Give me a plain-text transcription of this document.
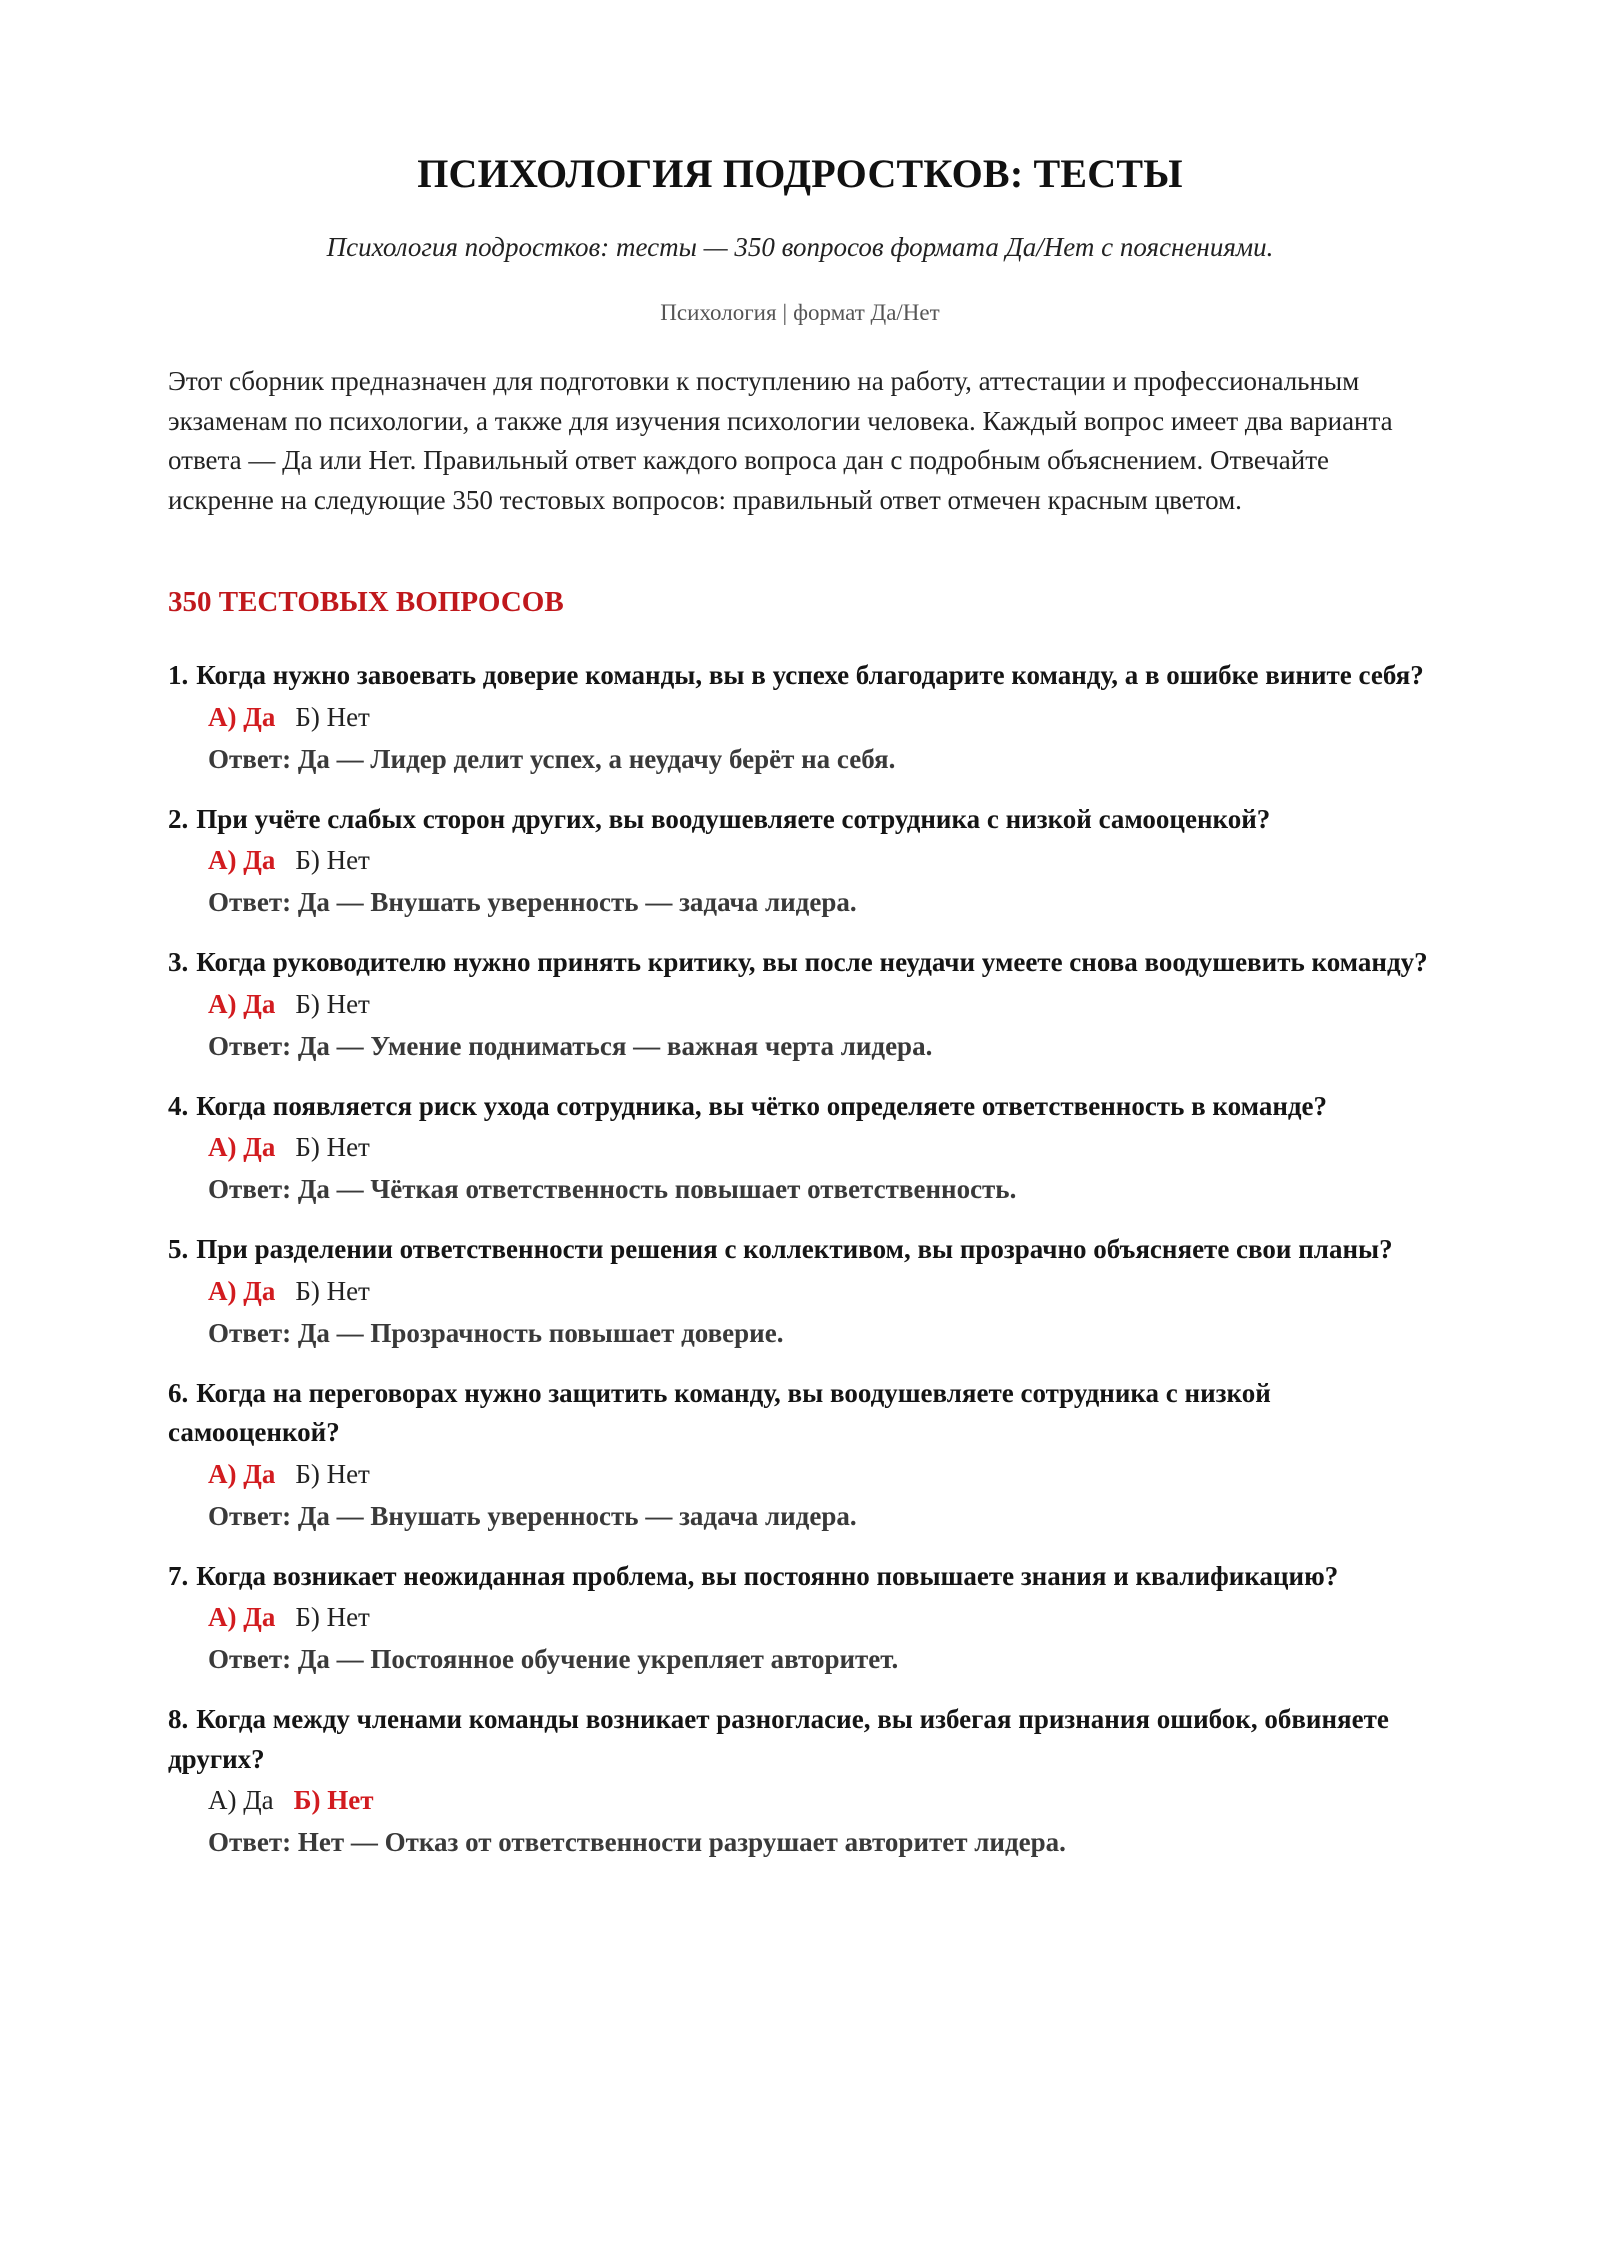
ПСИХОЛОГИЯ ПОДРОСТКОВ: ТЕСТЫ
Психология подростков: тесты — 350 вопросов формата Да/Нет с пояснениями.
Психология | формат Да/Нет

Этот сборник предназначен для подготовки к поступлению на работу, аттестации и профессиональным экзаменам по психологии, а также для изучения психологии человека. Каждый вопрос имеет два варианта ответа — Да или Нет. Правильный ответ каждого вопроса дан с подробным объяснением. Отвечайте искренне на следующие 350 тестовых вопросов: правильный ответ отмечен красным цветом.

350 ТЕСТОВЫХ ВОПРОСОВ
1. Когда нужно завоевать доверие команды, вы в успехе благодарите команду, а в ошибке вините себя?
А) Да Б) Нет
Ответ: Да — Лидер делит успех, а неудачу берёт на себя.
2. При учёте слабых сторон других, вы воодушевляете сотрудника с низкой самооценкой?
А) Да Б) Нет
Ответ: Да — Внушать уверенность — задача лидера.
3. Когда руководителю нужно принять критику, вы после неудачи умеете снова воодушевить команду?
А) Да Б) Нет
Ответ: Да — Умение подниматься — важная черта лидера.
4. Когда появляется риск ухода сотрудника, вы чётко определяете ответственность в команде?
А) Да Б) Нет
Ответ: Да — Чёткая ответственность повышает ответственность.
5. При разделении ответственности решения с коллективом, вы прозрачно объясняете свои планы?
А) Да Б) Нет
Ответ: Да — Прозрачность повышает доверие.
6. Когда на переговорах нужно защитить команду, вы воодушевляете сотрудника с низкой самооценкой?
А) Да Б) Нет
Ответ: Да — Внушать уверенность — задача лидера.
7. Когда возникает неожиданная проблема, вы постоянно повышаете знания и квалификацию?
А) Да Б) Нет
Ответ: Да — Постоянное обучение укрепляет авторитет.
8. Когда между членами команды возникает разногласие, вы избегая признания ошибок, обвиняете других?
А) Да Б) Нет
Ответ: Нет — Отказ от ответственности разрушает авторитет лидера.
